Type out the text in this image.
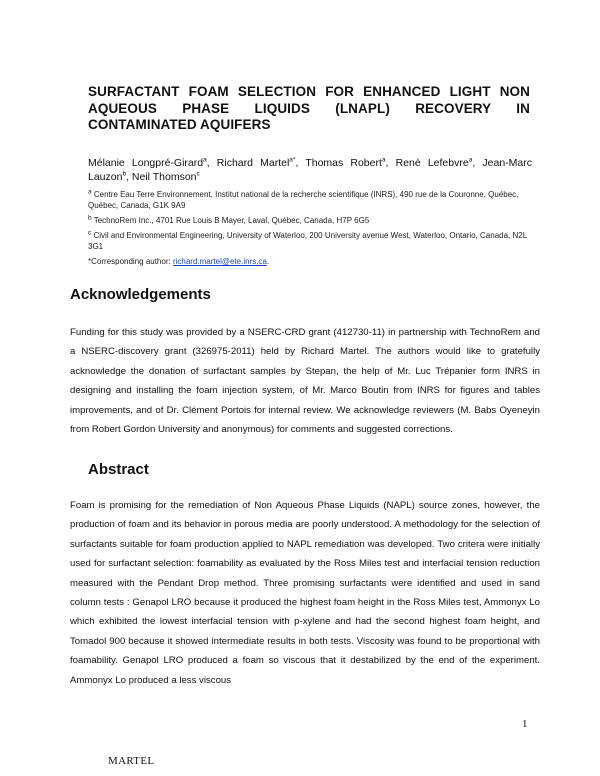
SURFACTANT FOAM SELECTION FOR ENHANCED LIGHT NON AQUEOUS PHASE LIQUIDS (LNAPL) RECOVERY IN CONTAMINATED AQUIFERS
Mélanie Longpré-Girard$^a$, Richard Martel$^{a*}$, Thomas Robert$^a$, René Lefebvre$^a$, Jean-Marc Lauzon$^b$, Neil Thomson$^c$
$^a$ Centre Eau Terre Environnement, Institut national de la recherche scientifique (INRS), 490 rue de la Couronne, Québec, Québec, Canada, G1K 9A9
$^b$ TechnoRem Inc., 4701 Rue Louis B Mayer, Laval, Québec, Canada, H7P 6G5
$^c$ Civil and Environmental Engineering, University of Waterloo, 200 University avenue West, Waterloo, Ontario, Canada, N2L 3G1
*Corresponding author: richard.martel@ete.inrs.ca.
Acknowledgements
Funding for this study was provided by a NSERC-CRD grant (412730-11) in partnership with TechnoRem and a NSERC-discovery grant (326975-2011) held by Richard Martel. The authors would like to gratefully acknowledge the donation of surfactant samples by Stepan, the help of Mr. Luc Trépanier form INRS in designing and installing the foam injection system, of Mr. Marco Boutin from INRS for figures and tables improvements, and of Dr. Clément Portois for internal review. We acknowledge reviewers (M. Babs Oyeneyin from Robert Gordon University and anonymous) for comments and suggested corrections.
Abstract
Foam is promising for the remediation of Non Aqueous Phase Liquids (NAPL) source zones, however, the production of foam and its behavior in porous media are poorly understood. A methodology for the selection of surfactants suitable for foam production applied to NAPL remediation was developed. Two critera were initially used for surfactant selection: foamability as evaluated by the Ross Miles test and interfacial tension reduction measured with the Pendant Drop method. Three promising surfactants were identified and used in sand column tests : Genapol LRO because it produced the highest foam height in the Ross Miles test, Ammonyx Lo which exhibited the lowest interfacial tension with p-xylene and had the second highest foam height, and Tomadol 900 because it showed intermediate results in both tests. Viscosity was found to be proportional with foamability. Genapol LRO produced a foam so viscous that it destabilized by the end of the experiment. Ammonyx Lo produced a less viscous
1
MARTEL
